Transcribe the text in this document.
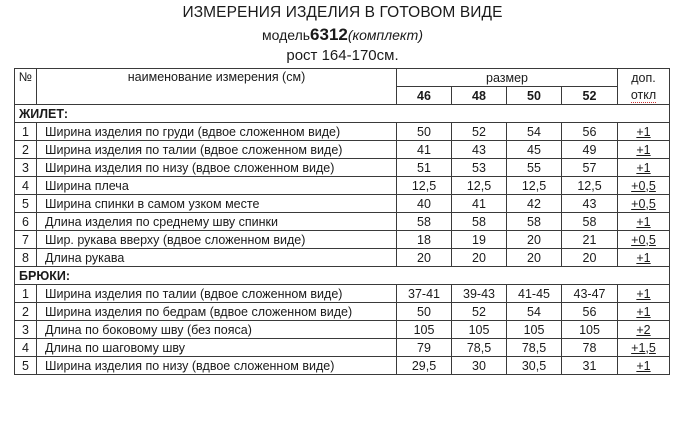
ИЗМЕРЕНИЯ ИЗДЕЛИЯ В ГОТОВОМ ВИДЕ
модель6312(комплект)
рост 164-170см.
№	наименование измерения (см)	размер				доп.
		46	48	50	52	откл
ЖИЛЕТ:						
1	Ширина изделия по груди (вдвое сложенном виде)	50	52	54	56	+1
2	Ширина изделия по талии (вдвое сложенном виде)	41	43	45	49	+1
3	Ширина изделия по низу (вдвое сложенном виде)	51	53	55	57	+1
4	Ширина плеча	12,5	12,5	12,5	12,5	+0,5
5	Ширина спинки в самом узком месте	40	41	42	43	+0,5
6	Длина изделия по среднему шву спинки	58	58	58	58	+1
7	Шир. рукава вверху (вдвое сложенном виде)	18	19	20	21	+0,5
8	Длина рукава	20	20	20	20	+1
БРЮКИ:						
1	Ширина изделия по талии (вдвое сложенном виде)	37-41	39-43	41-45	43-47	+1
2	Ширина изделия по бедрам (вдвое сложенном виде)	50	52	54	56	+1
3	Длина по боковому шву (без пояса)	105	105	105	105	+2
4	Длина по шаговому шву	79	78,5	78,5	78	+1,5
5	Ширина изделия по низу (вдвое сложенном виде)	29,5	30	30,5	31	+1
